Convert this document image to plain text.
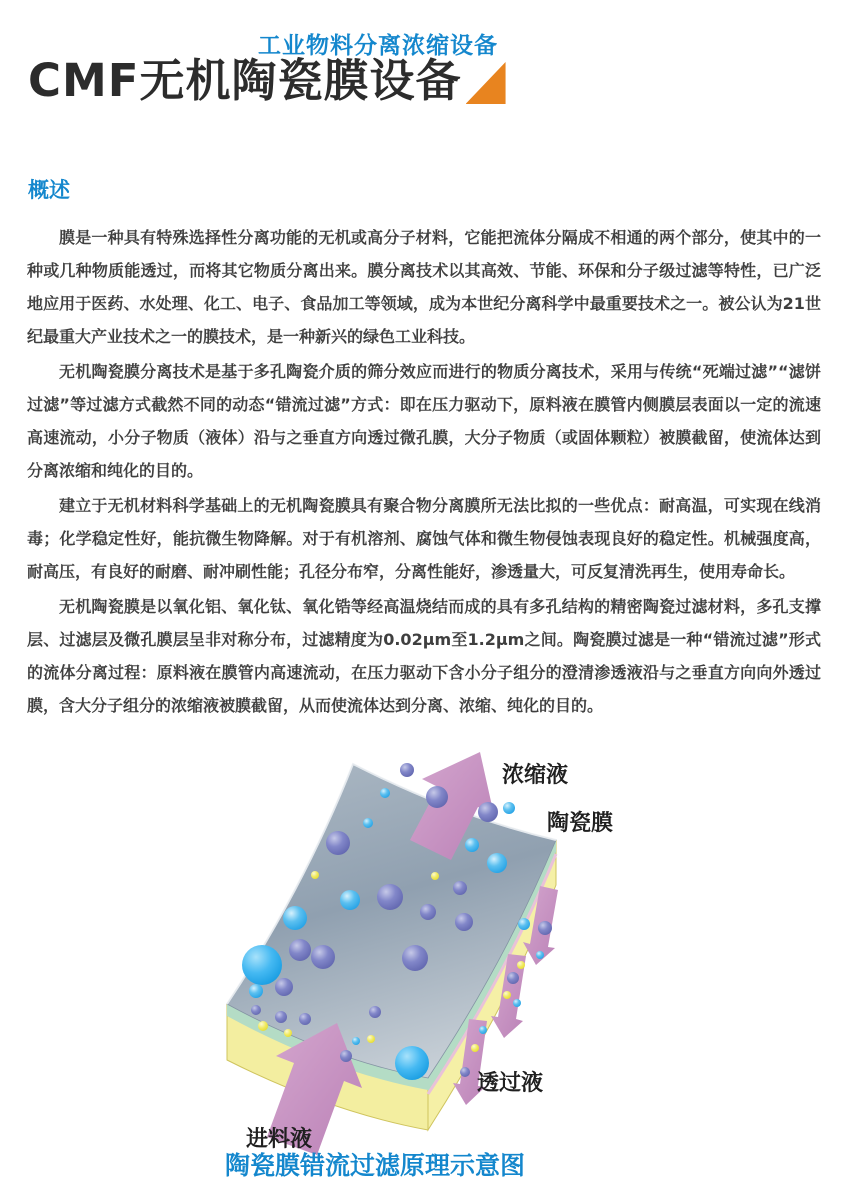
工业物料分离浓缩设备
CMF无机陶瓷膜设备
概述

膜是一种具有特殊选择性分离功能的无机或高分子材料，它能把流体分隔成不相通的两个部分，使其中的一种或几种物质能透过，而将其它物质分离出来。膜分离技术以其高效、节能、环保和分子级过滤等特性，已广泛地应用于医药、水处理、化工、电子、食品加工等领域，成为本世纪分离科学中最重要技术之一。被公认为21世纪最重大产业技术之一的膜技术，是一种新兴的绿色工业科技。

无机陶瓷膜分离技术是基于多孔陶瓷介质的筛分效应而进行的物质分离技术，采用与传统“死端过滤”“滤饼过滤”等过滤方式截然不同的动态“错流过滤”方式：即在压力驱动下，原料液在膜管内侧膜层表面以一定的流速高速流动，小分子物质（液体）沿与之垂直方向透过微孔膜，大分子物质（或固体颗粒）被膜截留，使流体达到分离浓缩和纯化的目的。

建立于无机材料科学基础上的无机陶瓷膜具有聚合物分离膜所无法比拟的一些优点：耐高温，可实现在线消毒；化学稳定性好，能抗微生物降解。对于有机溶剂、腐蚀气体和微生物侵蚀表现良好的稳定性。机械强度高，耐高压，有良好的耐磨、耐冲刷性能；孔径分布窄，分离性能好，渗透量大，可反复清洗再生，使用寿命长。

无机陶瓷膜是以氧化铝、氧化钛、氧化锆等经高温烧结而成的具有多孔结构的精密陶瓷过滤材料，多孔支撑层、过滤层及微孔膜层呈非对称分布，过滤精度为0.02μm至1.2μm之间。陶瓷膜过滤是一种“错流过滤”形式的流体分离过程：原料液在膜管内高速流动，在压力驱动下含小分子组分的澄清渗透液沿与之垂直方向向外透过膜，含大分子组分的浓缩液被膜截留，从而使流体达到分离、浓缩、纯化的目的。

浓缩液
陶瓷膜
透过液
进料液
陶瓷膜错流过滤原理示意图
